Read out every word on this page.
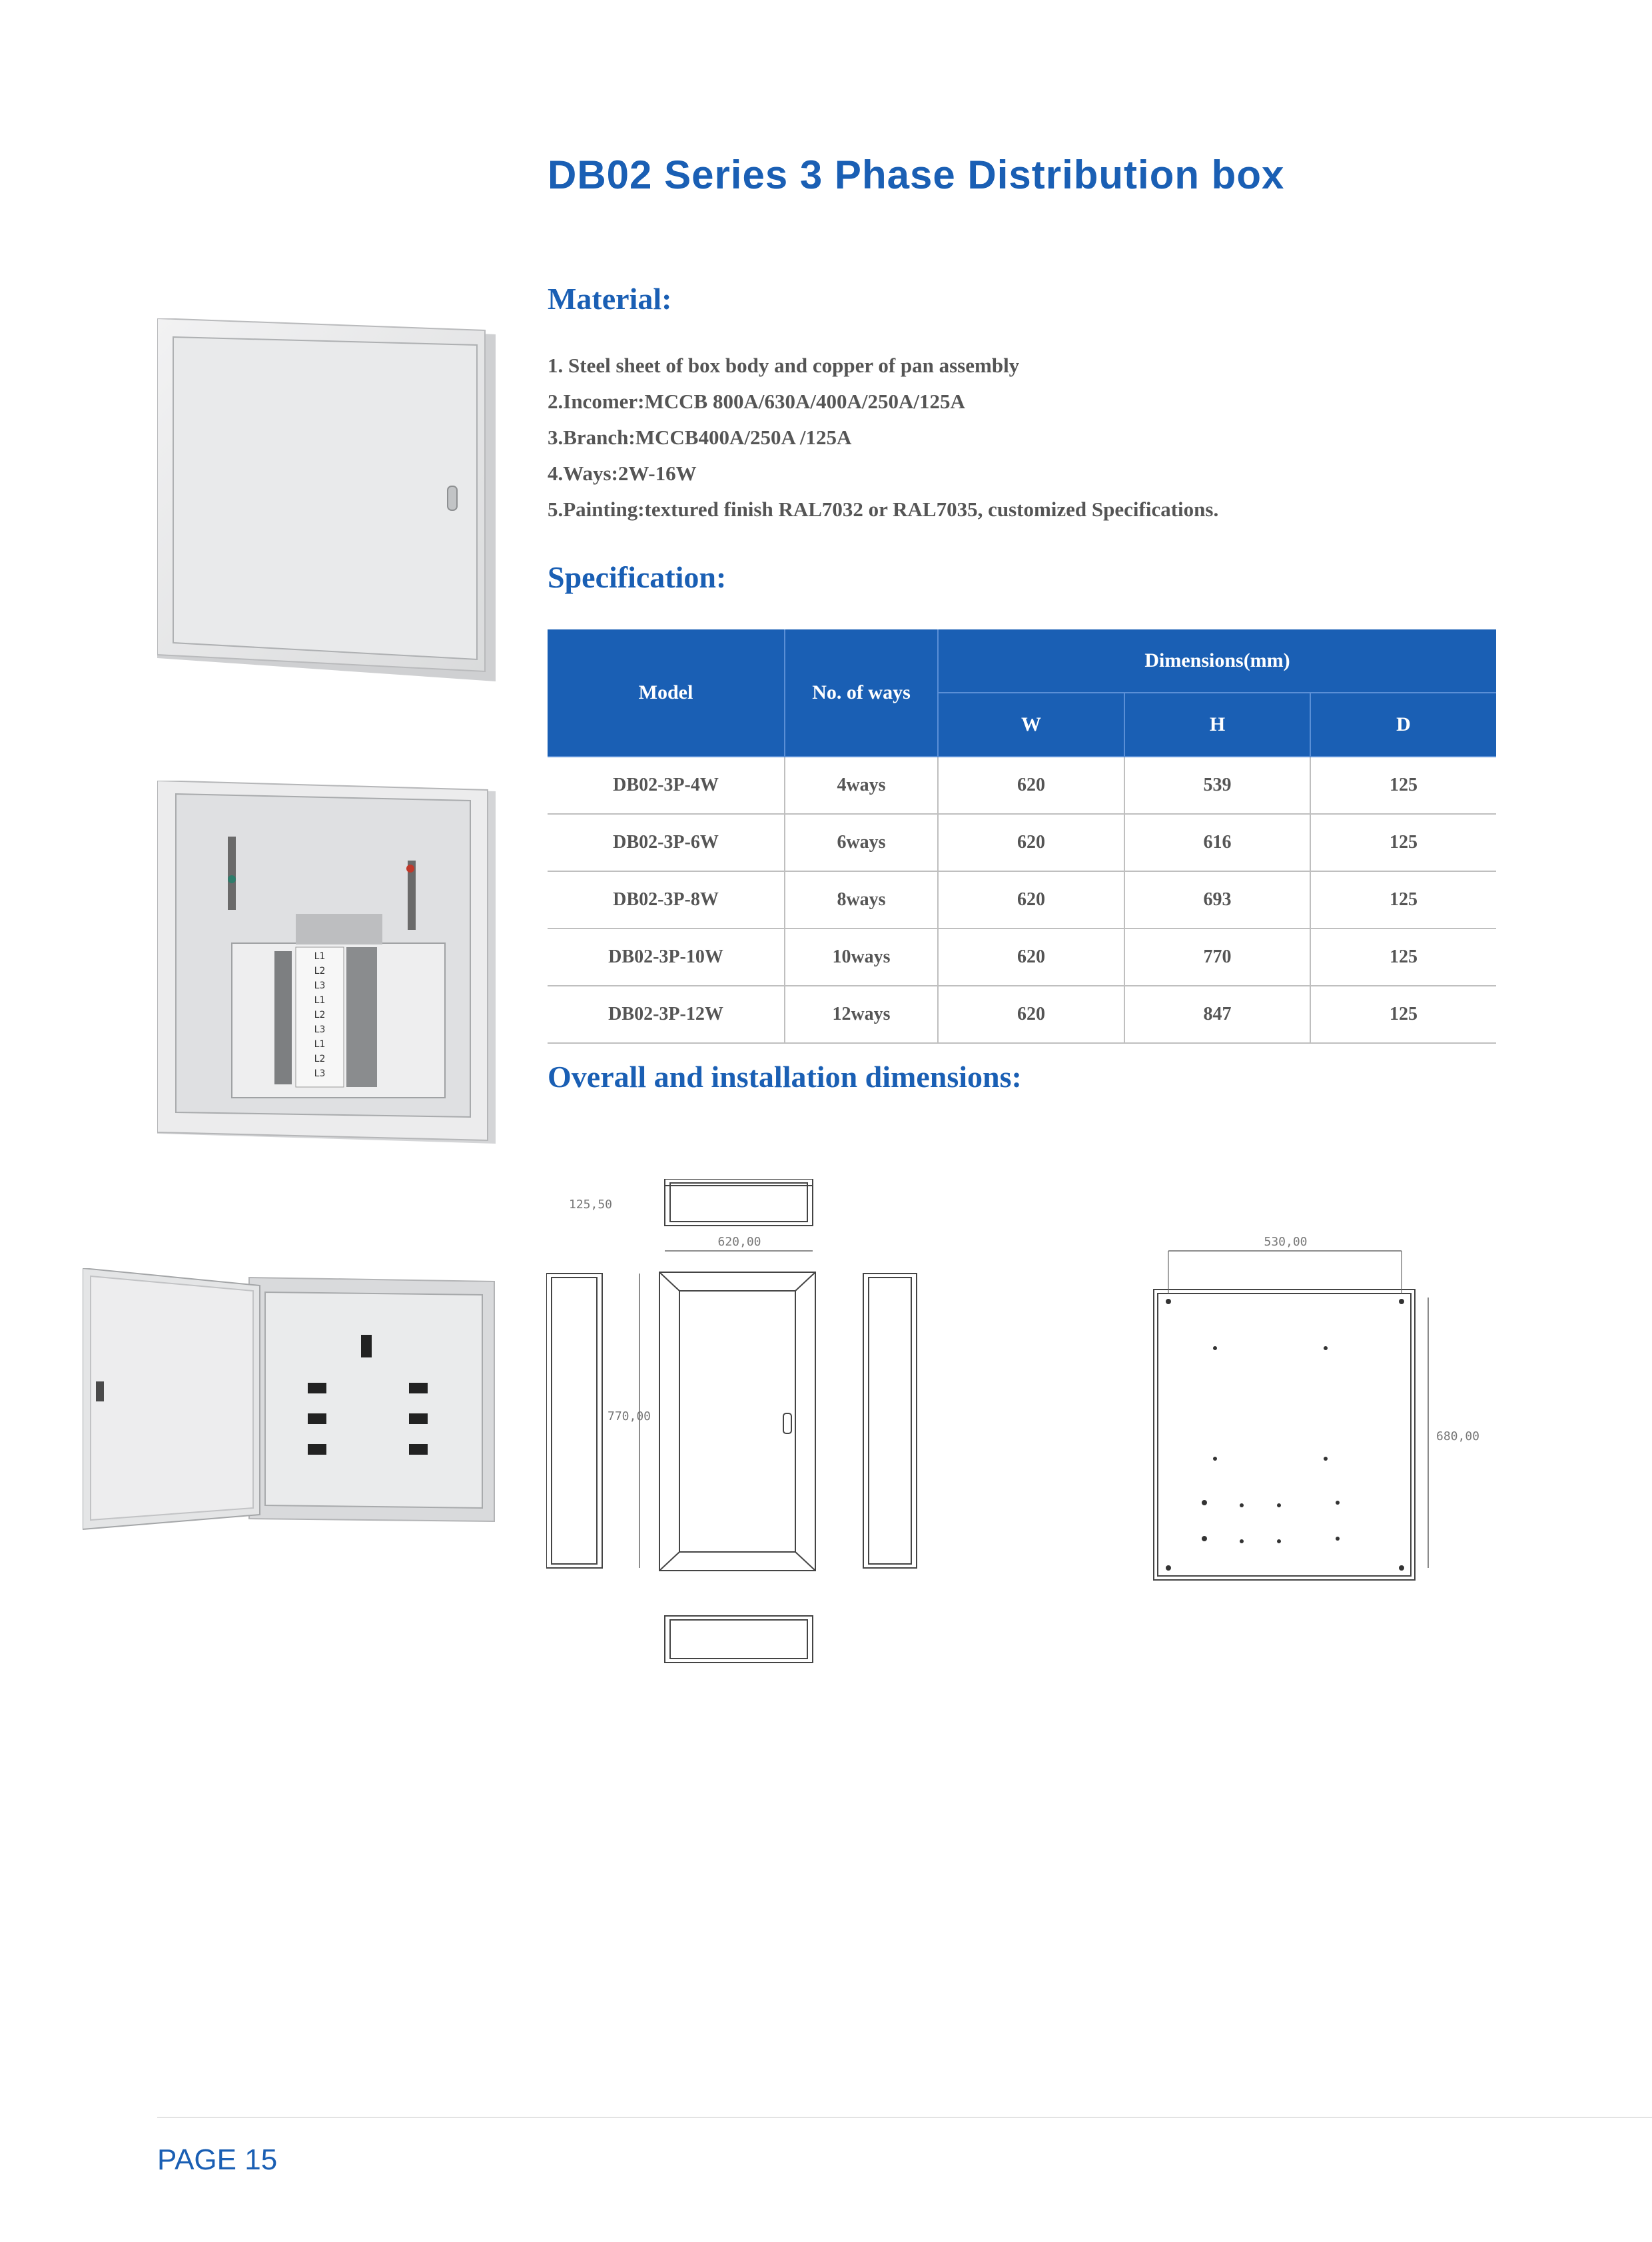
DB02 Series 3 Phase Distribution box
Material:
1. Steel sheet of box body and copper of pan assembly
2.Incomer:MCCB 800A/630A/400A/250A/125A
3.Branch:MCCB400A/250A /125A
4.Ways:2W-16W
5.Painting:textured finish RAL7032 or RAL7035, customized Specifications.
Specification:
Model	No. of ways	Dimensions(mm)		
		W	H	D
DB02-3P-4W	4ways	620	539	125
DB02-3P-6W	6ways	620	616	125
DB02-3P-8W	8ways	620	693	125
DB02-3P-10W	10ways	620	770	125
DB02-3P-12W	12ways	620	847	125
Overall and installation dimensions:
L1
L2
L3
L1
L2
L3
L1
L2
L3
125,50
620,00
770,00
530,00
680,00
PAGE 15
